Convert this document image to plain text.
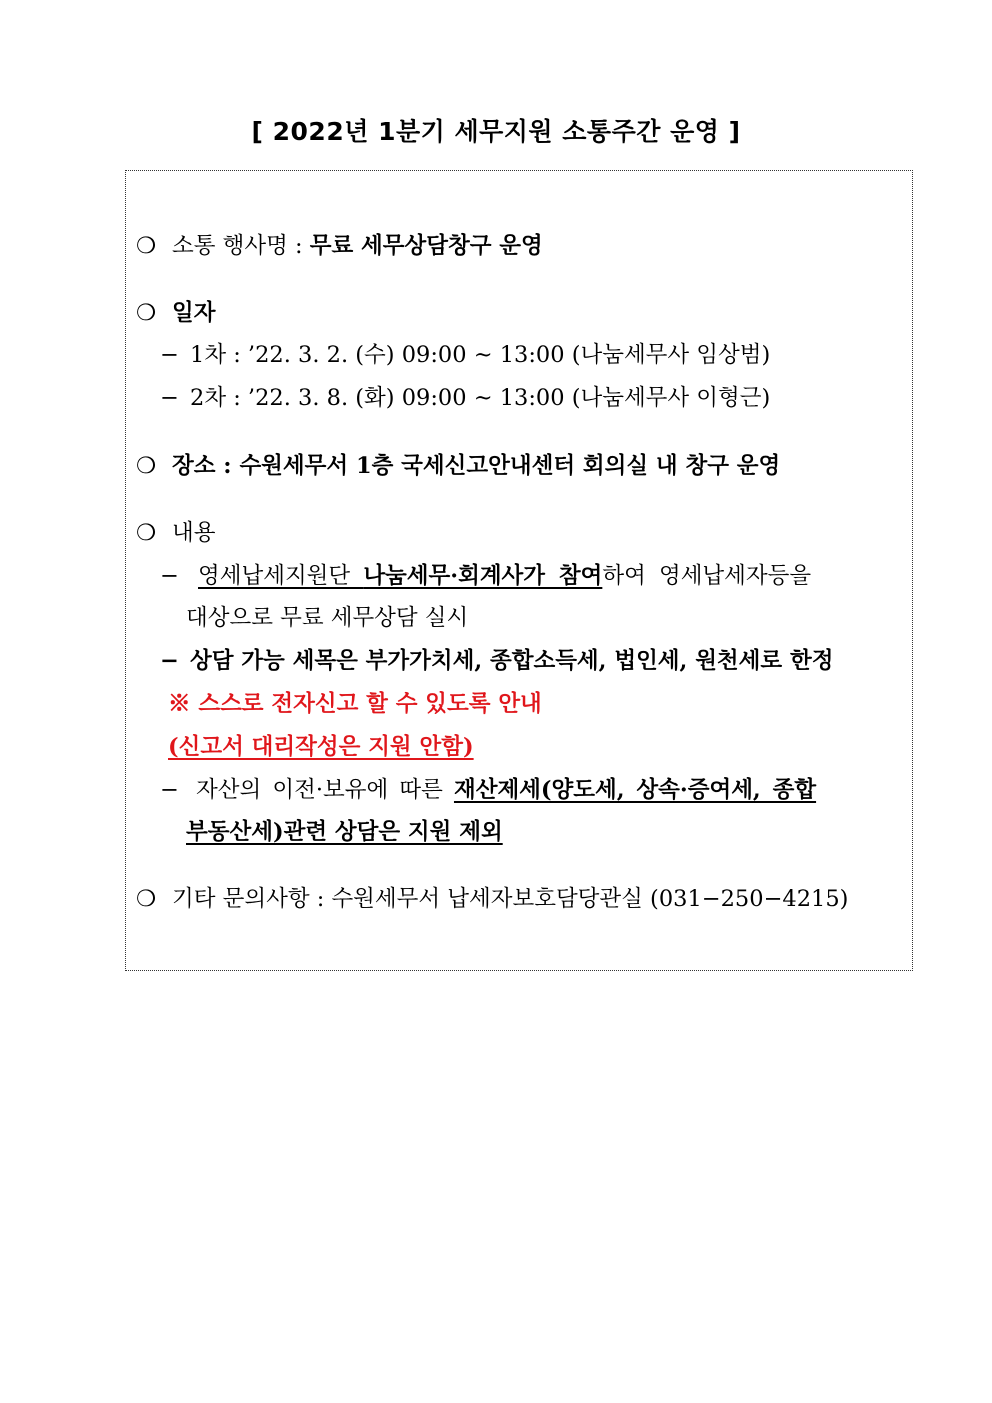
[ 2022년 1분기 세무지원 소통주간 운영 ]
❍ 소통 행사명 : 무료 세무상담창구 운영
❍ 일자
− 1차 : ’22. 3. 2. (수) 09:00 ~ 13:00 (나눔세무사 임상범)
− 2차 : ’22. 3. 8. (화) 09:00 ~ 13:00 (나눔세무사 이형근)
❍ 장소 : 수원세무서 1층 국세신고안내센터 회의실 내 창구 운영
❍ 내용
− 영세납세지원단 나눔세무·회계사가 참여하여 영세납세자등을
대상으로 무료 세무상담 실시
− 상담 가능 세목은 부가가치세, 종합소득세, 법인세, 원천세로 한정
※ 스스로 전자신고 할 수 있도록 안내
(신고서 대리작성은 지원 안함)
− 자산의 이전·보유에 따른 재산제세(양도세, 상속·증여세, 종합
부동산세)관련 상담은 지원 제외
❍ 기타 문의사항 : 수원세무서 납세자보호담당관실 (031−250−4215)
